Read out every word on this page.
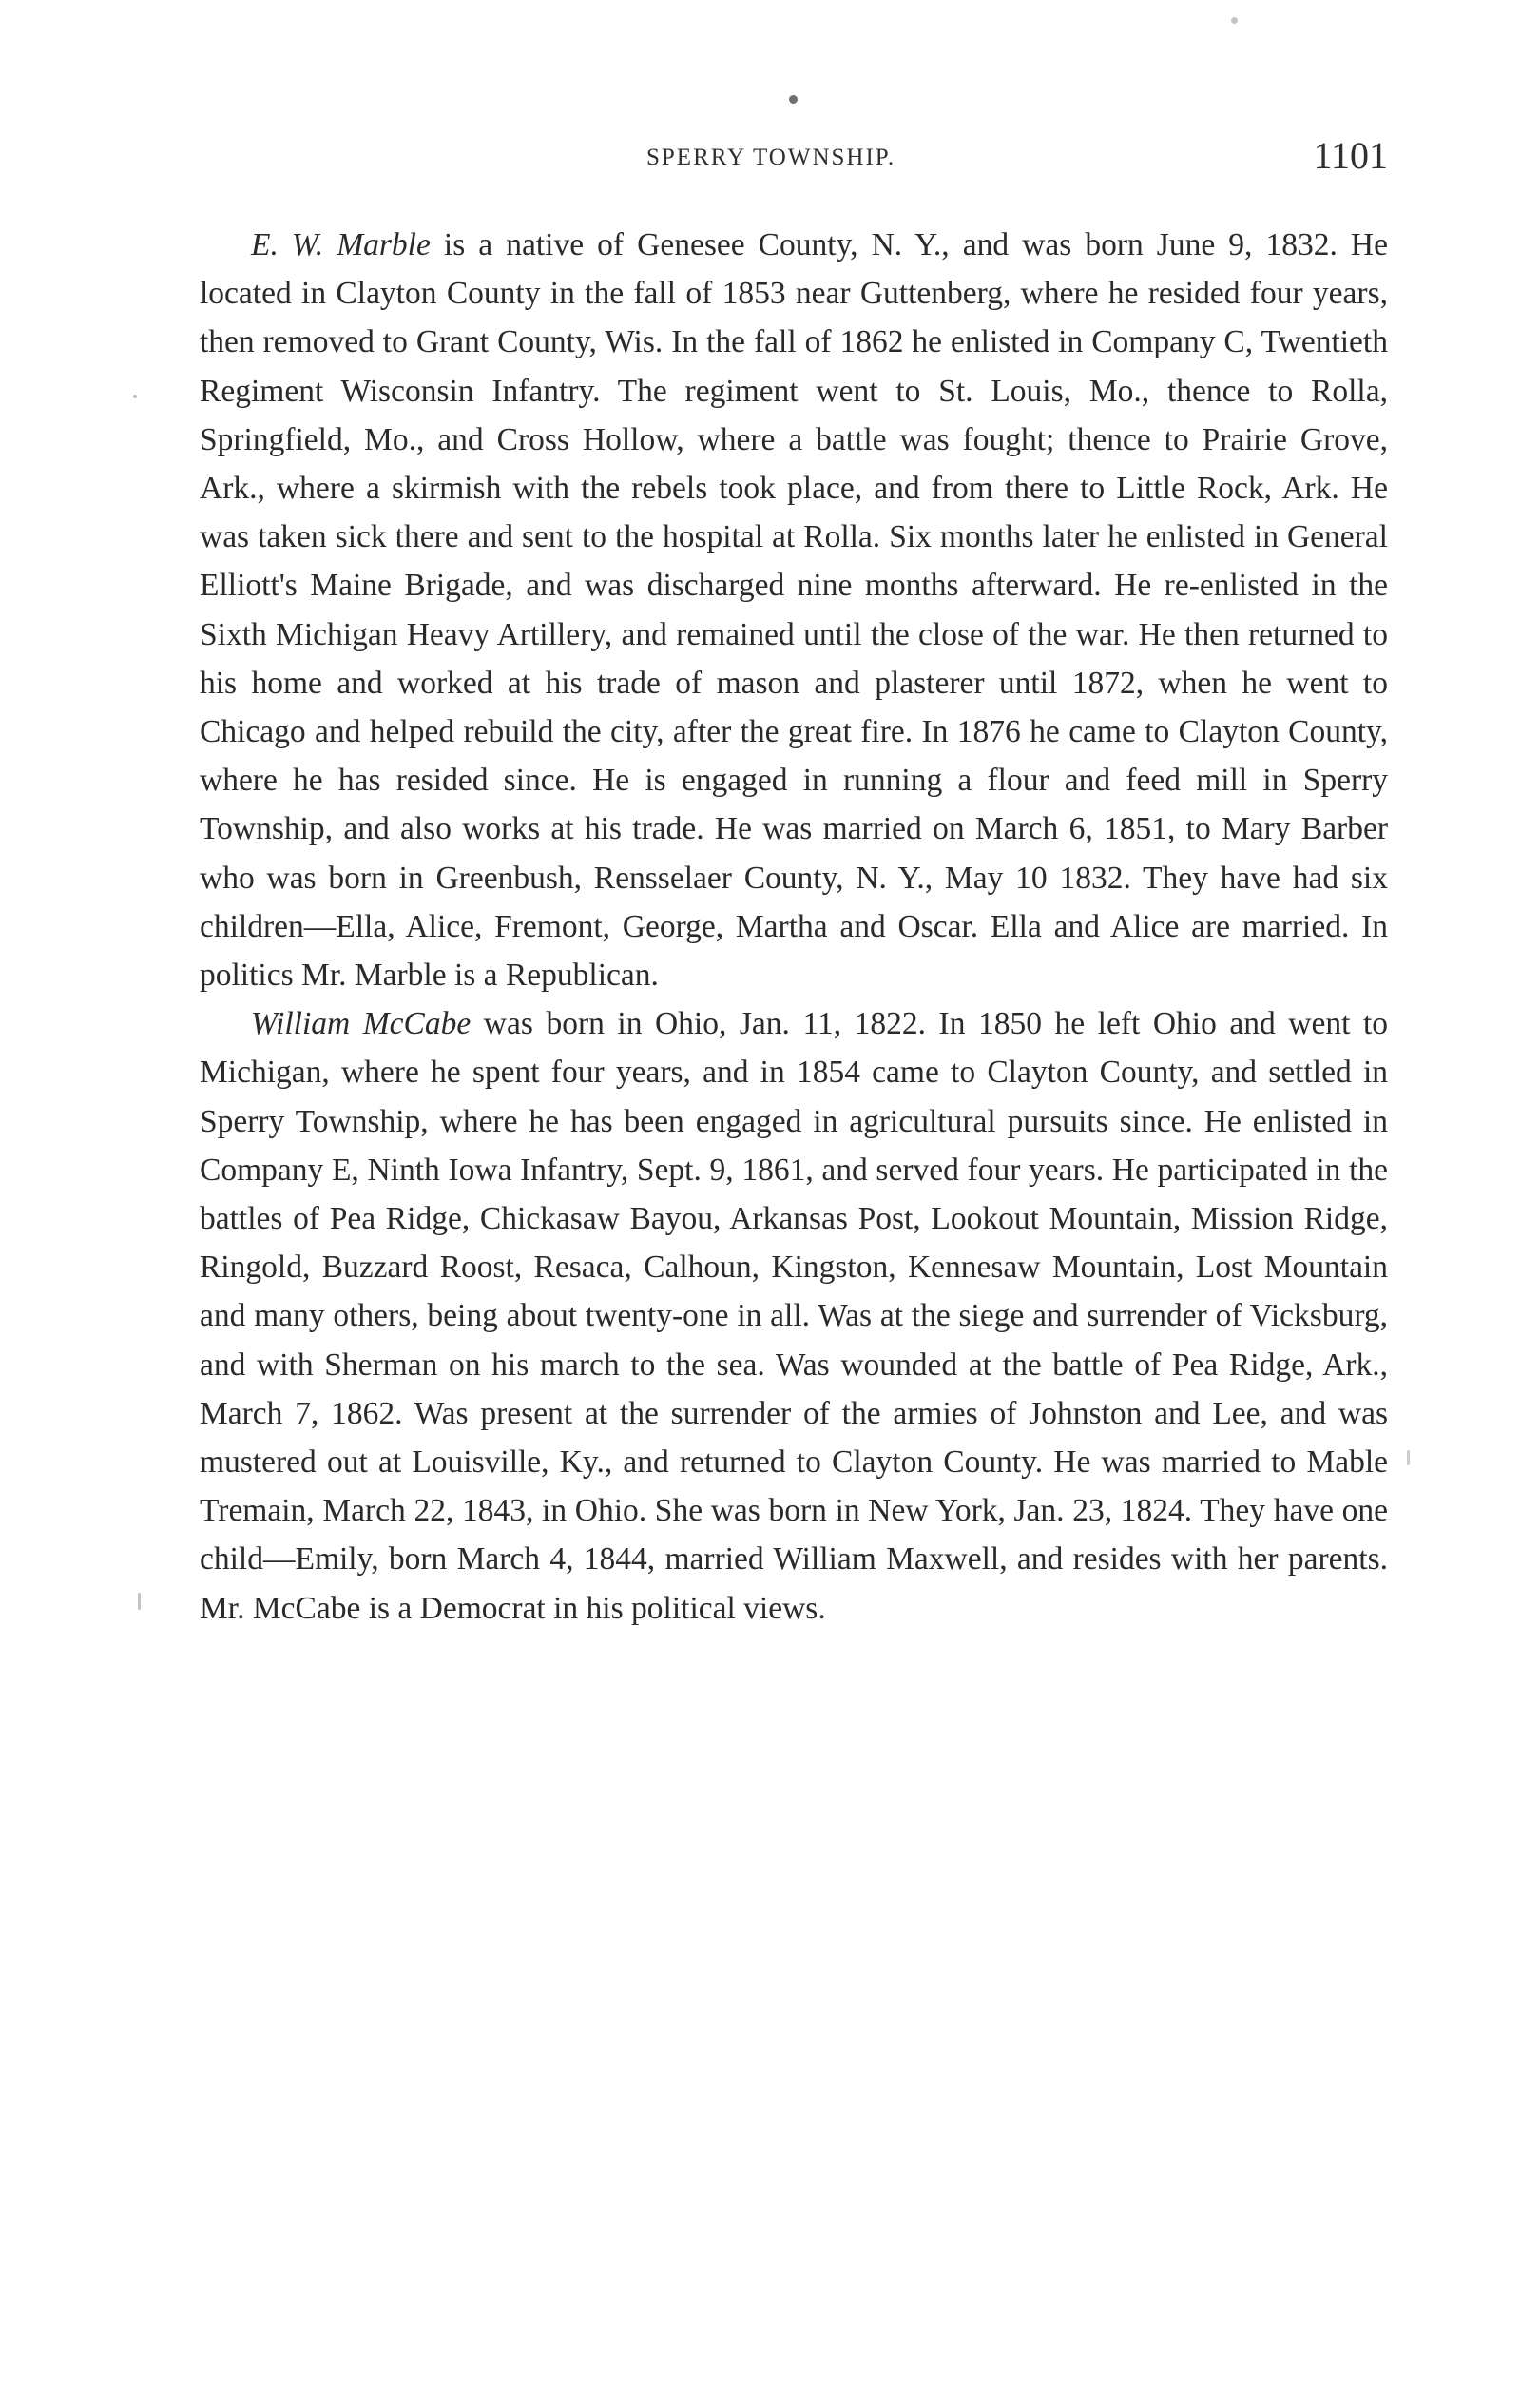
SPERRY TOWNSHIP.	1101

E. W. Marble is a native of Genesee County, N. Y., and was born June 9, 1832. He located in Clayton County in the fall of 1853 near Guttenberg, where he resided four years, then removed to Grant County, Wis. In the fall of 1862 he enlisted in Company C, Twentieth Regiment Wisconsin Infantry. The regiment went to St. Louis, Mo., thence to Rolla, Springfield, Mo., and Cross Hollow, where a battle was fought; thence to Prairie Grove, Ark., where a skirmish with the rebels took place, and from there to Little Rock, Ark. He was taken sick there and sent to the hospital at Rolla. Six months later he enlisted in General Elliott's Maine Brigade, and was discharged nine months afterward. He re-enlisted in the Sixth Michigan Heavy Artillery, and remained until the close of the war. He then returned to his home and worked at his trade of mason and plasterer until 1872, when he went to Chicago and helped rebuild the city, after the great fire. In 1876 he came to Clayton County, where he has resided since. He is engaged in running a flour and feed mill in Sperry Township, and also works at his trade. He was married on March 6, 1851, to Mary Barber who was born in Greenbush, Rensselaer County, N. Y., May 10 1832. They have had six children—Ella, Alice, Fremont, George, Martha and Oscar. Ella and Alice are married. In politics Mr. Marble is a Republican.

William McCabe was born in Ohio, Jan. 11, 1822. In 1850 he left Ohio and went to Michigan, where he spent four years, and in 1854 came to Clayton County, and settled in Sperry Township, where he has been engaged in agricultural pursuits since. He enlisted in Company E, Ninth Iowa Infantry, Sept. 9, 1861, and served four years. He participated in the battles of Pea Ridge, Chickasaw Bayou, Arkansas Post, Lookout Mountain, Mission Ridge, Ringold, Buzzard Roost, Resaca, Calhoun, Kingston, Kennesaw Mountain, Lost Mountain and many others, being about twenty-one in all. Was at the siege and surrender of Vicksburg, and with Sherman on his march to the sea. Was wounded at the battle of Pea Ridge, Ark., March 7, 1862. Was present at the surrender of the armies of Johnston and Lee, and was mustered out at Louisville, Ky., and returned to Clayton County. He was married to Mable Tremain, March 22, 1843, in Ohio. She was born in New York, Jan. 23, 1824. They have one child—Emily, born March 4, 1844, married William Maxwell, and resides with her parents. Mr. McCabe is a Democrat in his political views.
